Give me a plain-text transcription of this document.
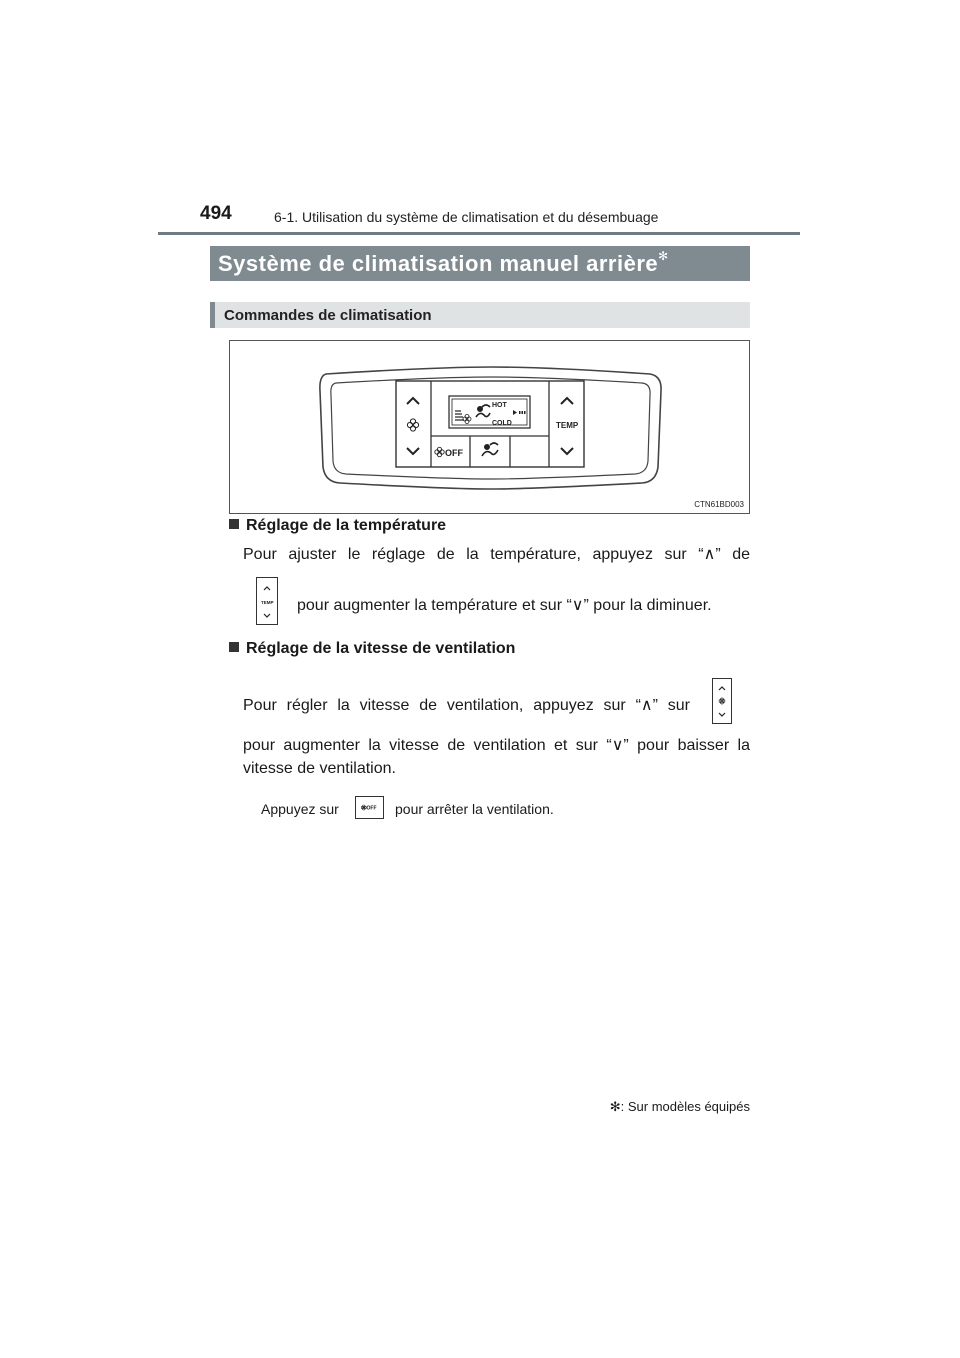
494	6-1. Utilisation du système de climatisation et du désembuage
Système de climatisation manuel arrière✻
Commandes de climatisation
HOT
COLD
OFF
TEMP
CTN61BD003
Réglage de la température
Pour ajuster le réglage de la température, appuyez sur “∧” de
TEMP pour augmenter la température et sur “∨” pour la diminuer.
Réglage de la vitesse de ventilation
Pour régler la vitesse de ventilation, appuyez sur “∧” sur
pour augmenter la vitesse de ventilation et sur “∨” pour baisser la
vitesse de ventilation.
Appuyez sur	OFF pour arrêter la ventilation.
✻: Sur modèles équipés
